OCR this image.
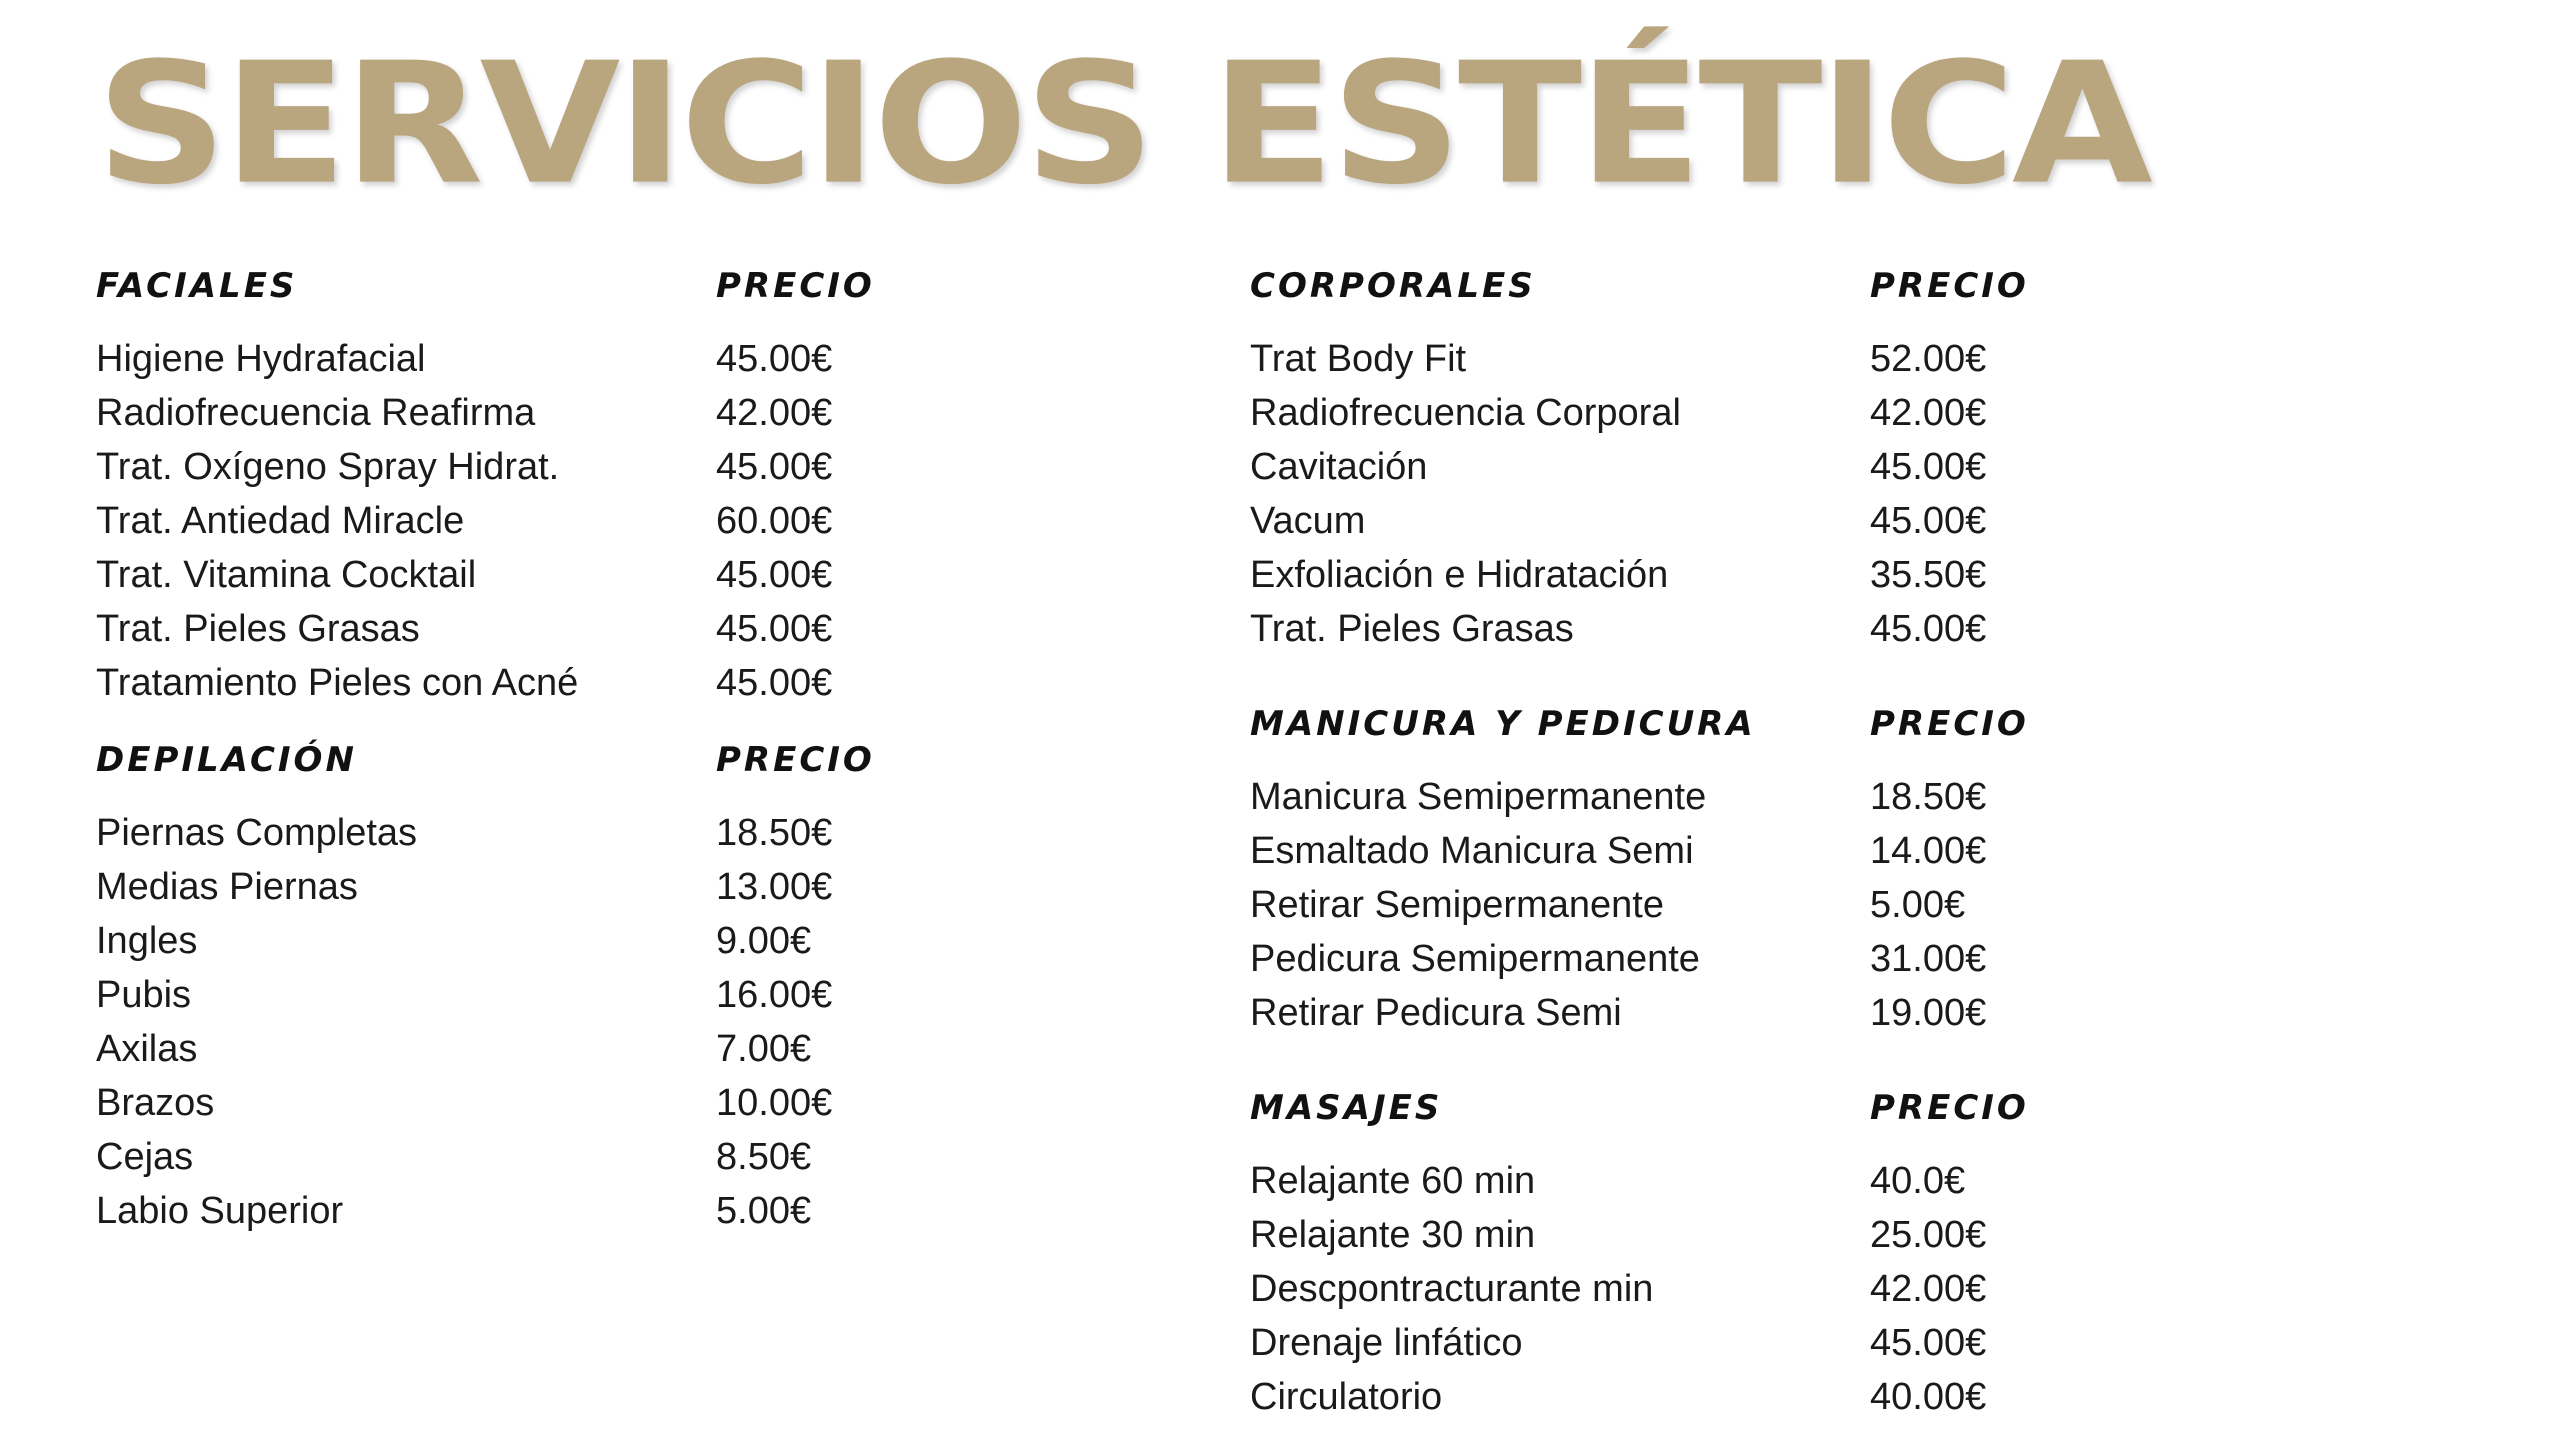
SERVICIOS ESTÉTICA
FACIALES	PRECIO
Higiene Hydrafacial	45.00€
Radiofrecuencia Reafirma	42.00€
Trat. Oxígeno Spray Hidrat.	45.00€
Trat. Antiedad Miracle	60.00€
Trat. Vitamina Cocktail	45.00€
Trat. Pieles Grasas	45.00€
Tratamiento Pieles con Acné	45.00€
DEPILACIÓN	PRECIO
Piernas Completas	18.50€
Medias Piernas	13.00€
Ingles	9.00€
Pubis	16.00€
Axilas	7.00€
Brazos	10.00€
Cejas	8.50€
Labio Superior	5.00€
CORPORALES	PRECIO
Trat Body Fit	52.00€
Radiofrecuencia Corporal	42.00€
Cavitación	45.00€
Vacum	45.00€
Exfoliación e Hidratación	35.50€
Trat. Pieles Grasas	45.00€
MANICURA Y PEDICURA	PRECIO
Manicura Semipermanente	18.50€
Esmaltado Manicura Semi	14.00€
Retirar Semipermanente	5.00€
Pedicura Semipermanente	31.00€
Retirar Pedicura Semi	19.00€
MASAJES	PRECIO
Relajante 60 min	40.0€
Relajante 30 min	25.00€
Descpontracturante min	42.00€
Drenaje linfático	45.00€
Circulatorio	40.00€
